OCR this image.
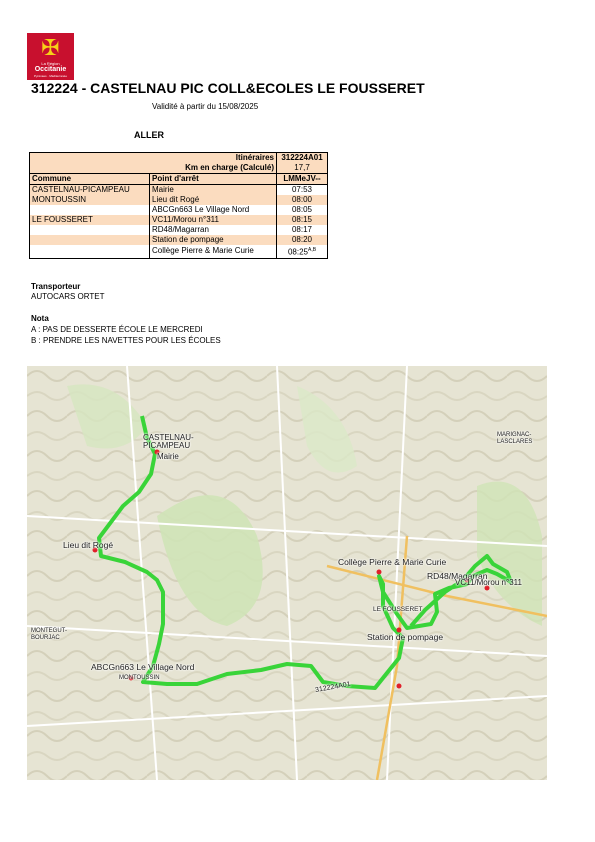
✠
La Région
Occitanie
Pyrénées · Méditerranée
312224 - CASTELNAU PIC COLL&ECOLES LE FOUSSERET
Validité à partir du 15/08/2025
ALLER
	Itinéraires	312224A01
	Km en charge (Calculé)	17,7
Commune	Point d'arrêt	LMMeJV--
CASTELNAU-PICAMPEAU	Mairie	07:53
MONTOUSSIN	Lieu dit Rogé	08:00
	ABCGn663 Le Village Nord	08:05
LE FOUSSERET	VC11/Morou n°311	08:15
	RD48/Magarran	08:17
	Station de pompage	08:20
	Collège Pierre & Marie Curie	$08:25^{A,B}$
Transporteur
AUTOCARS ORTET
Nota
A : PAS DE DESSERTE ÉCOLE LE MERCREDI
B : PRENDRE LES NAVETTES POUR LES ÉCOLES
CASTELNAU-
PICAMPEAU
Mairie
Lieu dit Rogé
ABCGn663 Le Village Nord
MONTOUSSIN
Collège Pierre & Marie Curie
RD48/Magarran
VC11/Morou n°311
LE FOUSSERET
Station de pompage
312224A01
MARIGNAC-
LASCLARES
MONTEGUT-
BOURJAC
